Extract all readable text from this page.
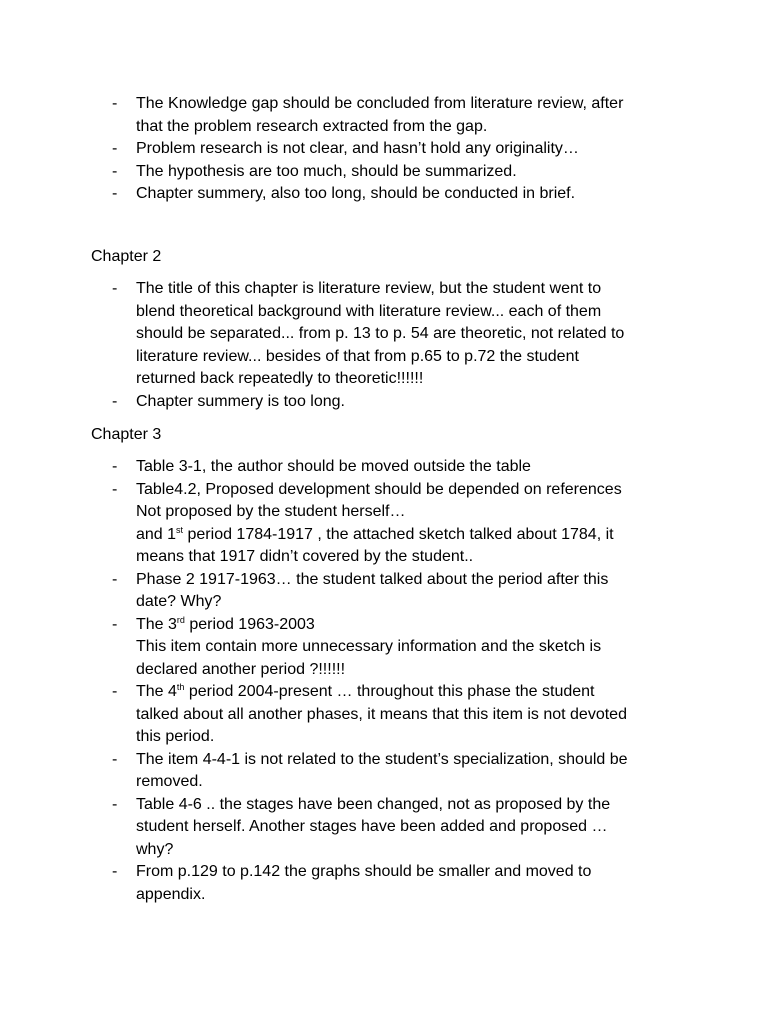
- The Knowledge gap should be concluded from literature review, after
that the problem research extracted from the gap.
- Problem research is not clear, and hasn’t hold any originality…
- The hypothesis are too much, should be summarized.
- Chapter summery, also too long, should be conducted in brief.
Chapter 2
- The title of this chapter is literature review, but the student went to
blend theoretical background with literature review... each of them
should be separated... from p. 13 to p. 54 are theoretic, not related to
literature review... besides of that from p.65 to p.72 the student
returned back repeatedly to theoretic!!!!!!
- Chapter summery is too long.
Chapter 3
- Table 3-1, the author should be moved outside the table
- Table4.2, Proposed development should be depended on references
Not proposed by the student herself…
and 1st period 1784-1917 , the attached sketch talked about 1784, it
means that 1917 didn’t covered by the student..
- Phase 2 1917-1963… the student talked about the period after this
date? Why?
- The 3rd period 1963-2003
This item contain more unnecessary information and the sketch is
declared another period ?!!!!!!
- The 4th period 2004-present … throughout this phase the student
talked about all another phases, it means that this item is not devoted
this period.
- The item 4-4-1 is not related to the student’s specialization, should be
removed.
- Table 4-6 .. the stages have been changed, not as proposed by the
student herself. Another stages have been added and proposed …
why?
- From p.129 to p.142 the graphs should be smaller and moved to
appendix.
